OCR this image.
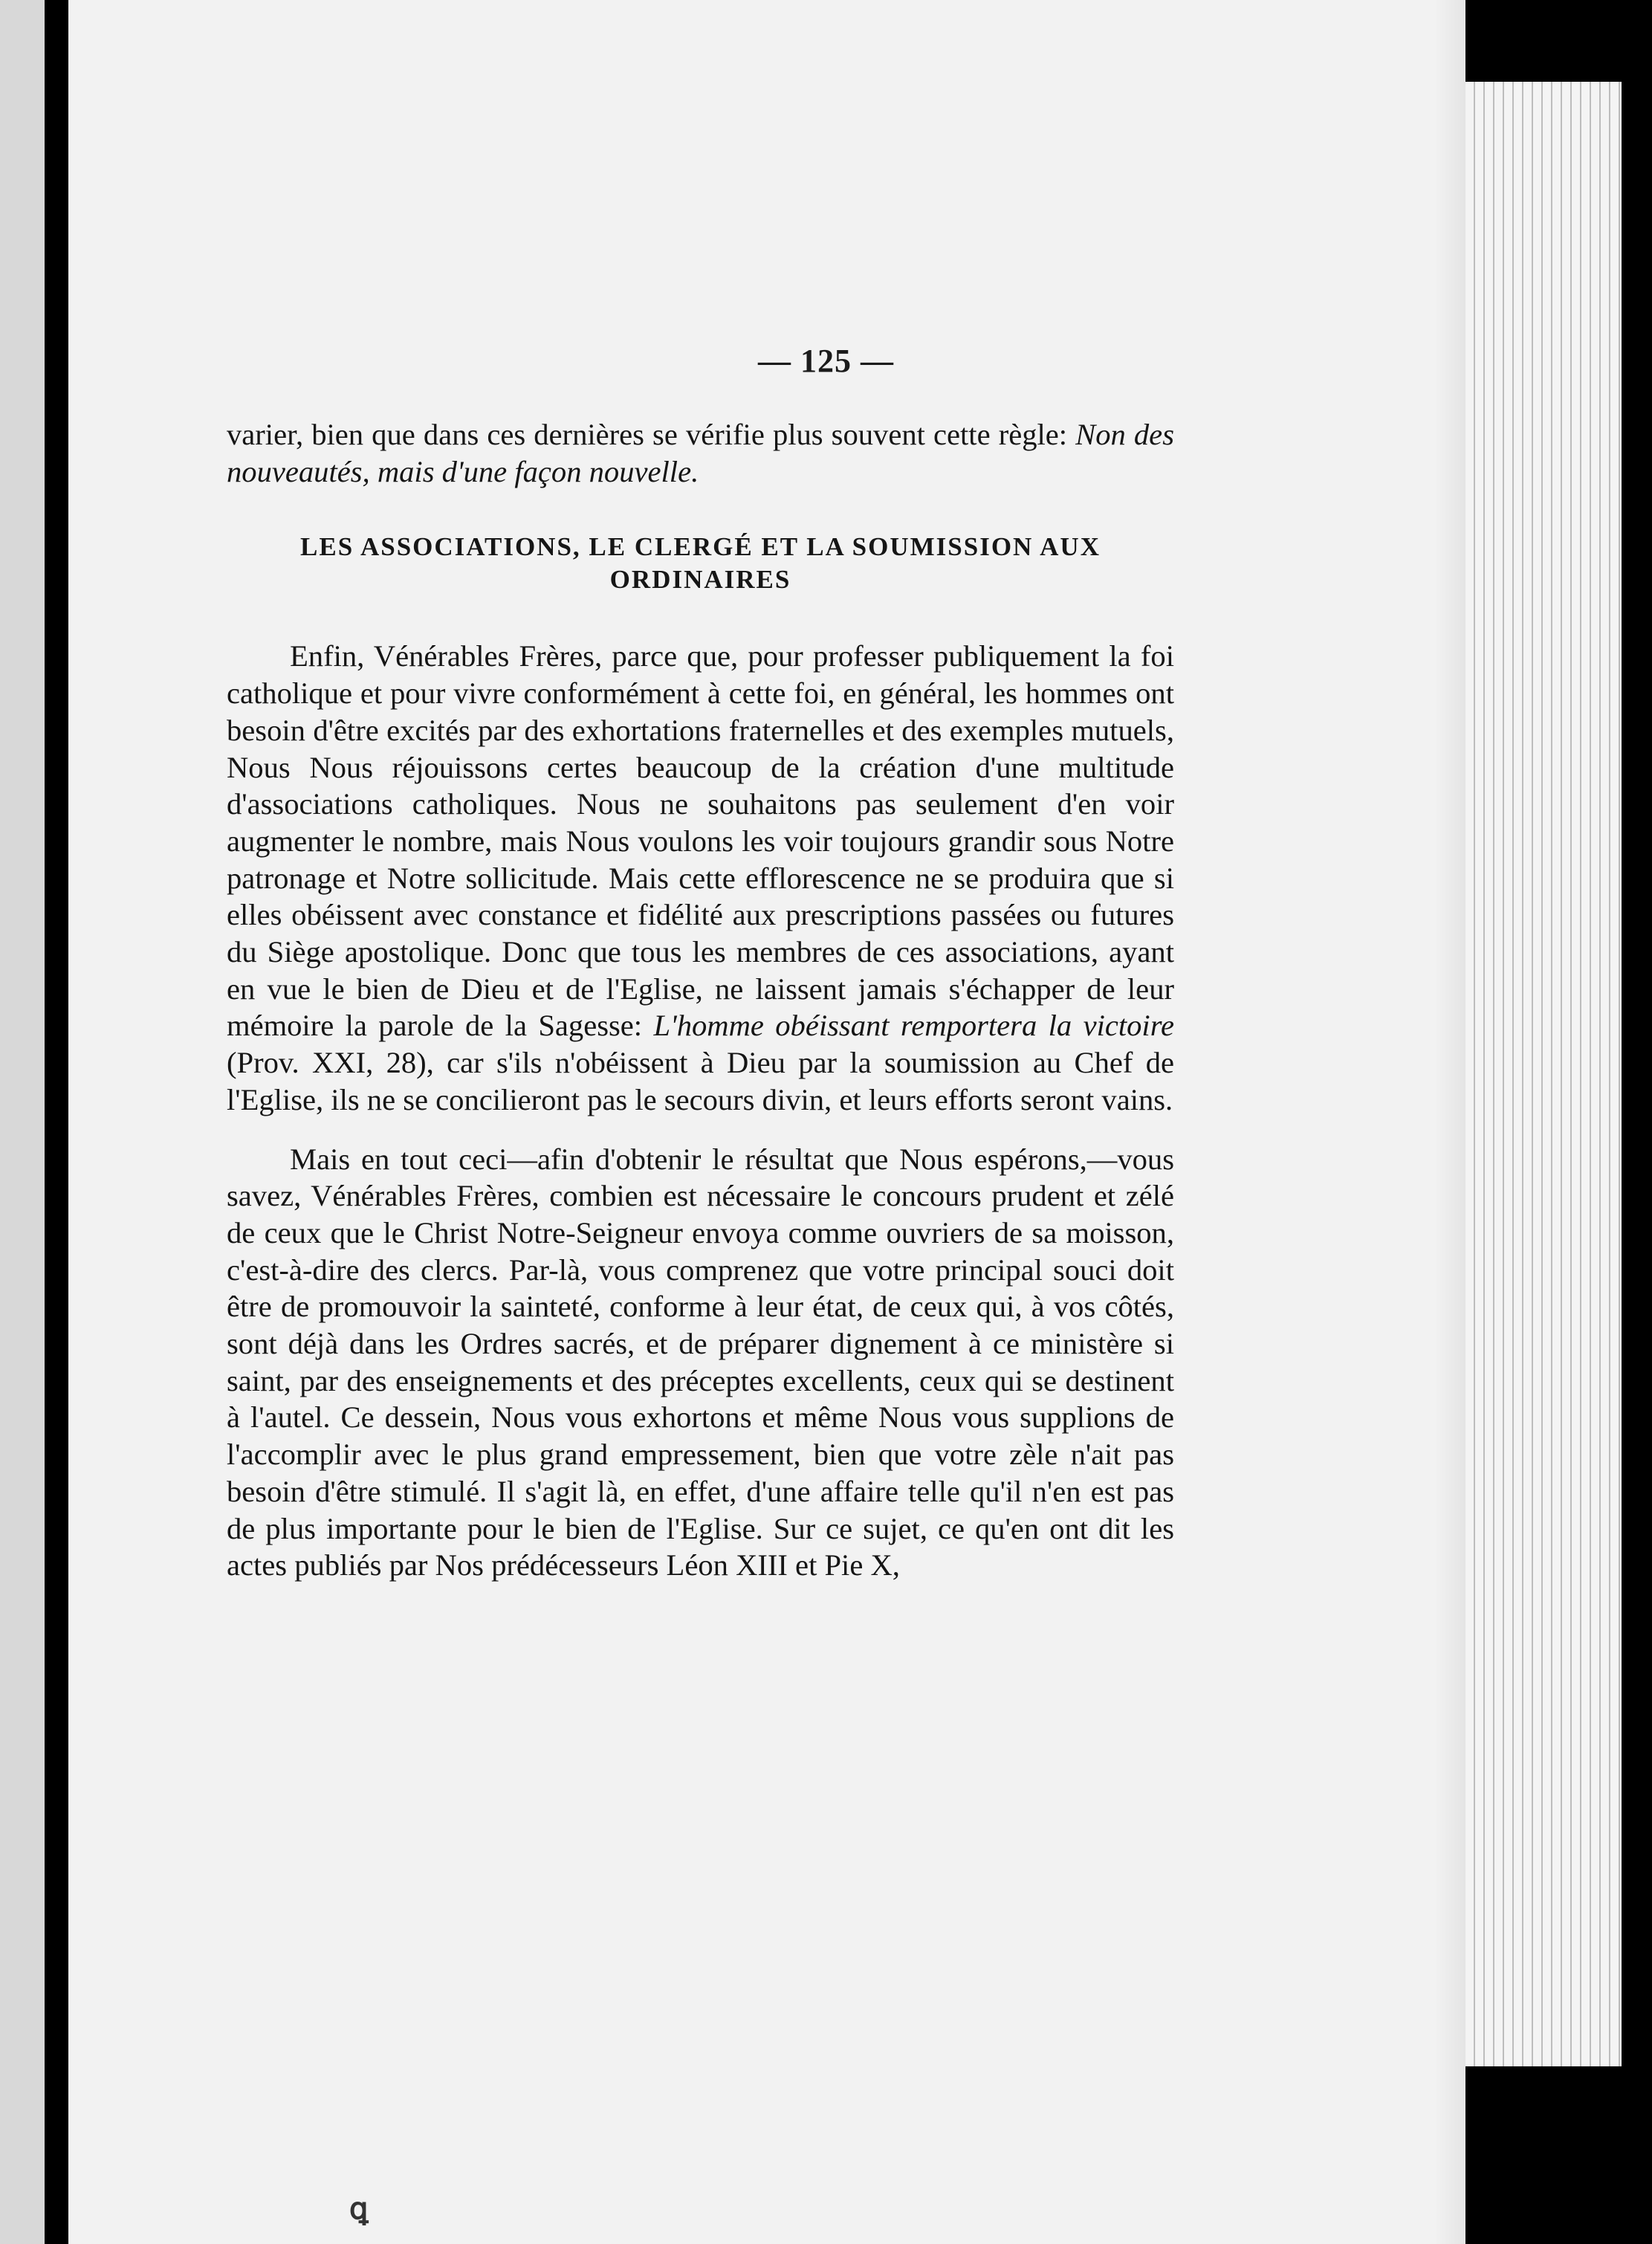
— 125 —

varier, bien que dans ces dernières se vérifie plus souvent cette règle: Non des nouveautés, mais d'une façon nouvelle.

LES ASSOCIATIONS, LE CLERGÉ ET LA SOUMISSION AUX
ORDINAIRES

Enfin, Vénérables Frères, parce que, pour professer publiquement la foi catholique et pour vivre conformément à cette foi, en général, les hommes ont besoin d'être excités par des exhortations fraternelles et des exemples mutuels, Nous Nous réjouissons certes beaucoup de la création d'une multitude d'associations catholiques. Nous ne souhaitons pas seulement d'en voir augmenter le nombre, mais Nous voulons les voir toujours grandir sous Notre patronage et Notre sollicitude. Mais cette efflorescence ne se produira que si elles obéissent avec constance et fidélité aux prescriptions passées ou futures du Siège apostolique. Donc que tous les membres de ces associations, ayant en vue le bien de Dieu et de l'Eglise, ne laissent jamais s'échapper de leur mémoire la parole de la Sagesse: L'homme obéissant remportera la victoire (Prov. XXI, 28), car s'ils n'obéissent à Dieu par la soumission au Chef de l'Eglise, ils ne se concilieront pas le secours divin, et leurs efforts seront vains.

Mais en tout ceci—afin d'obtenir le résultat que Nous espérons,—vous savez, Vénérables Frères, combien est nécessaire le concours prudent et zélé de ceux que le Christ Notre-Seigneur envoya comme ouvriers de sa moisson, c'est-à-dire des clercs. Par-là, vous comprenez que votre principal souci doit être de promouvoir la sainteté, conforme à leur état, de ceux qui, à vos côtés, sont déjà dans les Ordres sacrés, et de préparer dignement à ce ministère si saint, par des enseignements et des préceptes excellents, ceux qui se destinent à l'autel. Ce dessein, Nous vous exhortons et même Nous vous supplions de l'accomplir avec le plus grand empressement, bien que votre zèle n'ait pas besoin d'être stimulé. Il s'agit là, en effet, d'une affaire telle qu'il n'en est pas de plus importante pour le bien de l'Eglise. Sur ce sujet, ce qu'en ont dit les actes publiés par Nos prédécesseurs Léon XIII et Pie X,

ꝗ
